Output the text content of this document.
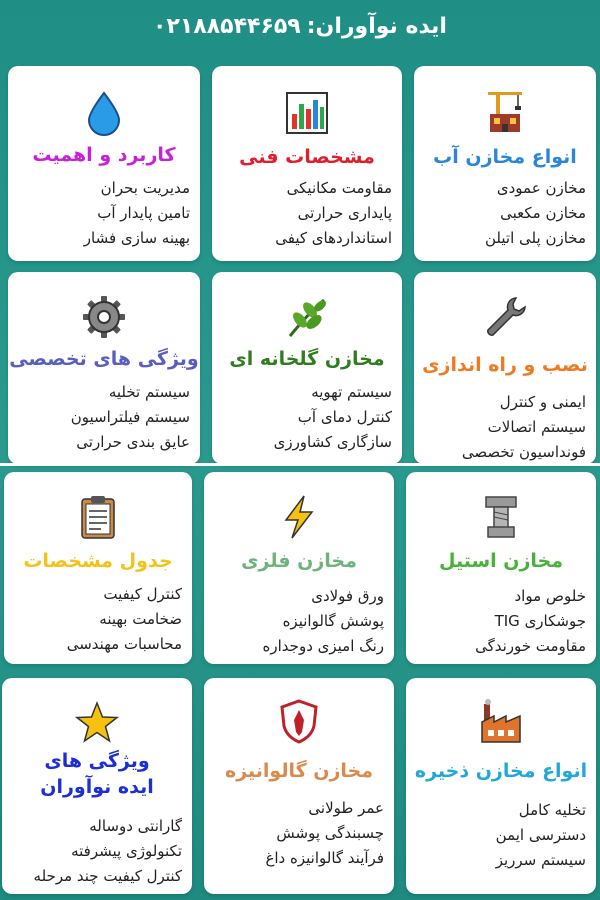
ایده نوآوران:
۰۲۱۸۸۵۴۴۶۵۹
انواع مخازن آب
مخازن عمودی
مخازن مکعبی
مخازن پلی اتیلن
مشخصات فنی
مقاومت مکانیکی
پایداری حرارتی
استانداردهای کیفی
کاربرد و اهمیت
مدیریت بحران
تامین پایدار آب
بهینه سازی فشار
نصب و راه اندازی
ایمنی و کنترل
سیستم اتصالات
فونداسیون تخصصی
مخازن گلخانه ای
سیستم تهویه
کنترل دمای آب
سازگاری کشاورزی
ویژگی های تخصصی
سیستم تخلیه
سیستم فیلتراسیون
عایق بندی حرارتی
مخازن استیل
خلوص مواد
جوشکاری TIG
مقاومت خورندگی
مخازن فلزی
ورق فولادی
پوشش گالوانیزه
رنگ امیزی دوجداره
جدول مشخصات
کنترل کیفیت
ضخامت بهینه
محاسبات مهندسی
انواع مخازن ذخیره
تخلیه کامل
دسترسی ایمن
سیستم سرریز
مخازن گالوانیزه
عمر طولانی
چسبندگی پوشش
فرآیند گالوانیزه داغ
ویژگی های
ایده نوآوران
گارانتی دوساله
تکنولوژی پیشرفته
کنترل کیفیت چند مرحله
